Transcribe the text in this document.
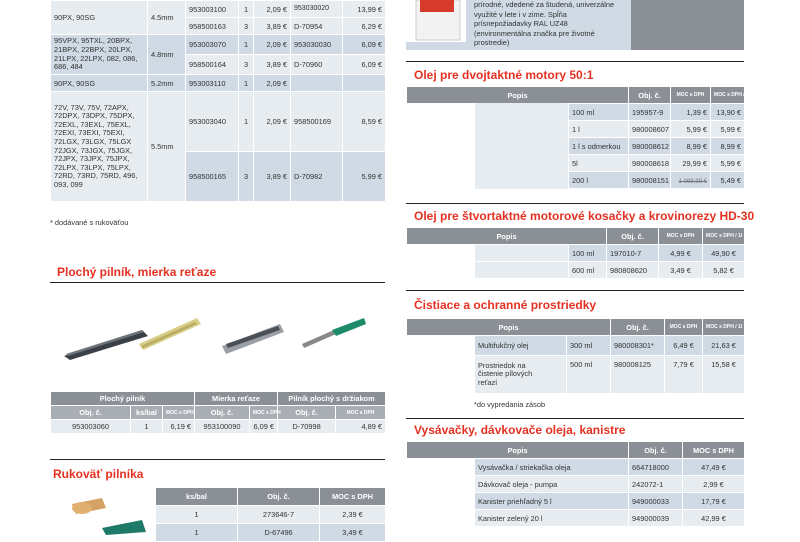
90PX, 90SG	4.5mm	953003100	1	2,09 €	953030020	13,99 €
		958500163	3	3,89 €	D-70954	6,29 €
95VPX, 95TXL, 20BPX, 21BPX, 22BPX, 20LPX, 21LPX, 22LPX, 082, 086, 686, 484	4.8mm	953003070	1	2,09 €	953030030	6,09 €
		958500164	3	3,89 €	D-70960	6,09 €
90PX, 90SG	5.2mm	953003110	1	2,09 €		
72V, 73V, 75V, 72APX, 72DPX, 73DPX, 75DPX, 72EXL, 73EXL, 75EXL, 72EXI, 73EXI, 75EXI, 72LGX, 73LGX, 75LGX 72JGX, 73JGX, 75JGX, 72JPX, 73JPX, 75JPX, 72LPX, 73LPX, 75LPX, 72RD, 73RD, 75RD, 496, 093, 099	5.5mm	953003040	1	2,09 €	958500169	8,59 €
		958500165	3	3,89 €	D-70982	5,99 €
* dodávané s rukoväťou
Plochý pilník, mierka reťaze
Plochý pilník			Mierka reťaze		Pilník plochý s držiakom	
Obj. č.	ks/bal	MOC s DPH	Obj. č.	MOC s DPH	Obj. č.	MOC s DPH
953003060	1	6,19 €	953100090	6,09 €	D-70998	4,89 €
Rukoväť pilníka
ks/bal	Obj. č.	MOC s DPH
1	273646-7	2,39 €
1	D-67496	3,49 €
prírodné, vdedené za študená, univerzálne využité v lete i v zime. Spĺňa prísnepožiadavky RAL UZ48 (environmentálna značka pre životné prostredie)
Olej pre dvojtaktné motory 50:1
Popis			Obj. č.	MOC s DPH	MOC s DPH / 1l
		100 ml	195957-9	1,39 €	13,90 €
		1 l	980008607	5,99 €	5,99 €
		1 l s odmerkou	980008612	8,99 €	8,99 €
		5l	980008618	29,99 €	5,99 €
		200 l	980008151	1 099,99 €	5,49 €
Olej pre štvortaktné motorové kosačky a krovinorezy HD-30
Popis			Obj. č.	MOC s DPH	MOC s DPH / 1l
		100 ml	197010-7	4,99 €	49,90 €
		600 ml	980808620	3,49 €	5,82 €
Čistiace a ochranné prostriedky
Popis			Obj. č.	MOC s DPH	MOC s DPH / 1l
	Multifukčný olej	300 ml	980008301*	6,49 €	21,63 €
	Prostriedok na čistenie pílových reťazí	500 ml	980008125	7,79 €	15,58 €
*do vypredania zásob
Vysávačky, dávkovače oleja, kanistre
Popis		Obj. č.	MOC s DPH
	Vysávačka / striekačka oleja	664718000	47,49 €
	Dávkovač oleja - pumpa	242072-1	2,99 €
	Kanister priehľadný 5 l	949000033	17,79 €
	Kanister zelený 20 l	949000039	42,99 €
